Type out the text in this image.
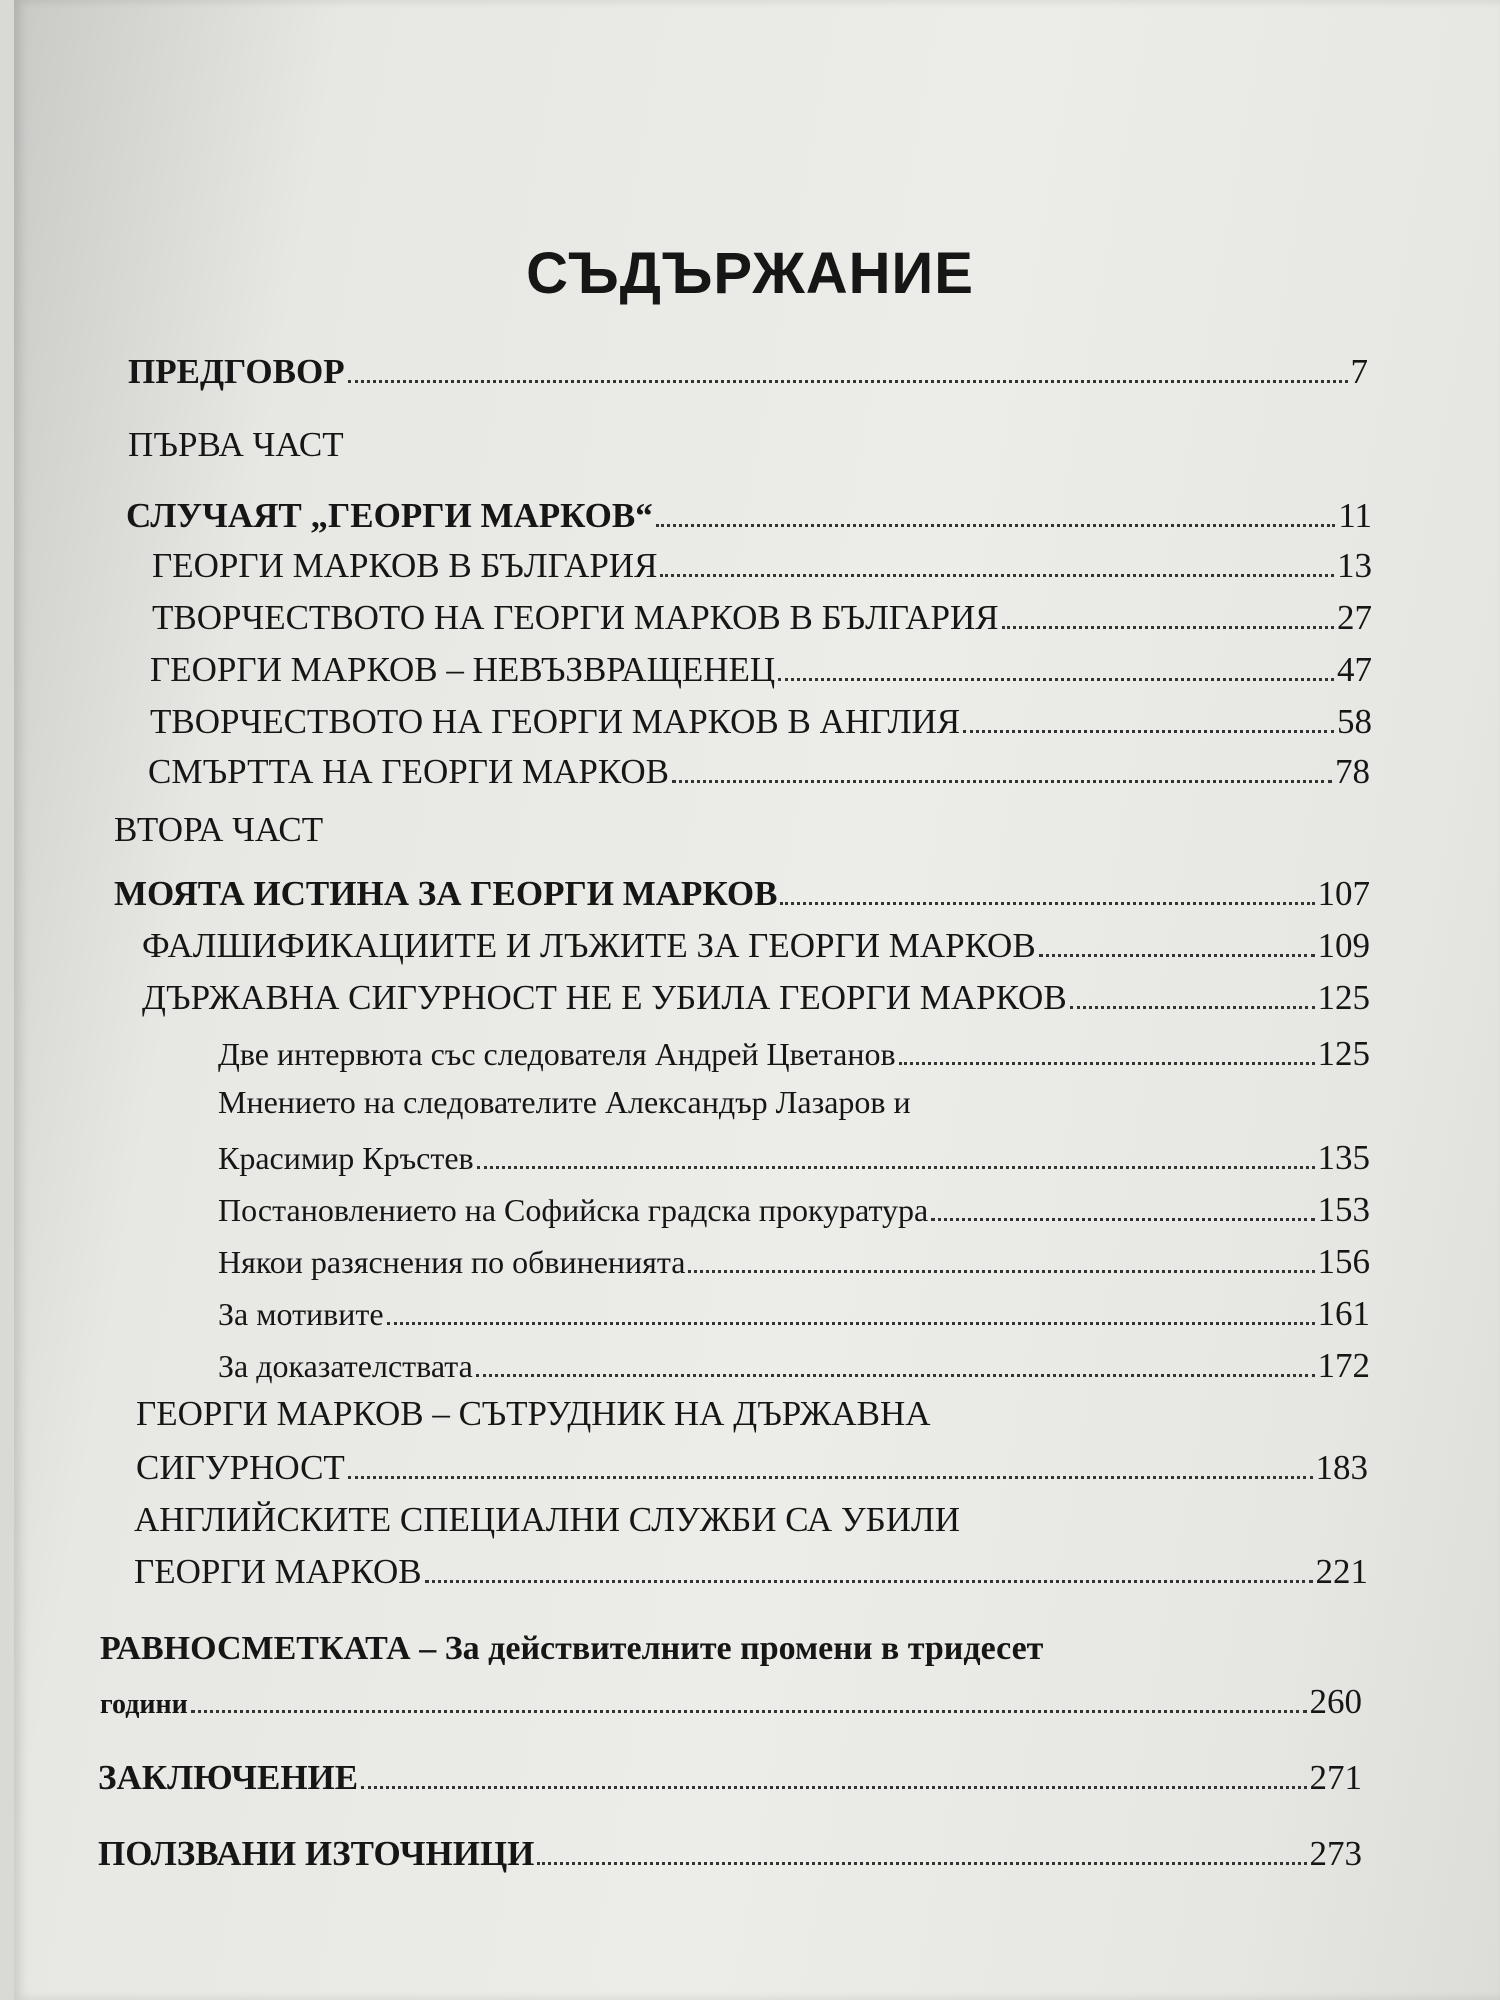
СЪДЪРЖАНИЕ
ПРЕДГОВОР	7
ПЪРВА ЧАСТ
СЛУЧАЯТ „ГЕОРГИ МАРКОВ“	11
ГЕОРГИ МАРКОВ В БЪЛГАРИЯ	13
ТВОРЧЕСТВОТО НА ГЕОРГИ МАРКОВ В БЪЛГАРИЯ	27
ГЕОРГИ МАРКОВ – НЕВЪЗВРАЩЕНЕЦ	47
ТВОРЧЕСТВОТО НА ГЕОРГИ МАРКОВ В АНГЛИЯ	58
СМЪРТТА НА ГЕОРГИ МАРКОВ	78
ВТОРА ЧАСТ
МОЯТА ИСТИНА ЗА ГЕОРГИ МАРКОВ	107
ФАЛШИФИКАЦИИТЕ И ЛЪЖИТЕ ЗА ГЕОРГИ МАРКОВ	109
ДЪРЖАВНА СИГУРНОСТ НЕ Е УБИЛА ГЕОРГИ МАРКОВ	125
Две интервюта със следователя Андрей Цветанов	125
Мнението на следователите Александър Лазаров и
Красимир Кръстев	135
Постановлението на Софийска градска прокуратура	153
Някои разяснения по обвиненията	156
За мотивите	161
За доказателствата	172
ГЕОРГИ МАРКОВ – СЪТРУДНИК НА ДЪРЖАВНА
СИГУРНОСТ	183
АНГЛИЙСКИТЕ СПЕЦИАЛНИ СЛУЖБИ СА УБИЛИ
ГЕОРГИ МАРКОВ	221
РАВНОСМЕТКАТА – За действителните промени в тридесет
години	260
ЗАКЛЮЧЕНИЕ	271
ПОЛЗВАНИ ИЗТОЧНИЦИ	273
